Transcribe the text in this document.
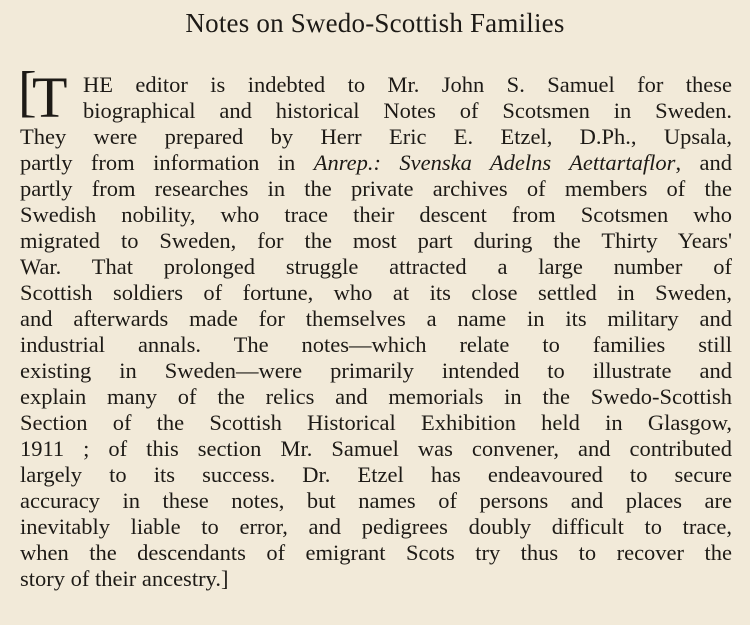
Notes on Swedo-Scottish Families
[
T HE editor is indebted to Mr. John S. Samuel for these
biographical and historical Notes of Scotsmen in Sweden.
They were prepared by Herr Eric E. Etzel, D.Ph., Upsala,
partly from information in Anrep.: Svenska Adelns Aettartaflor, and
partly from researches in the private archives of members of the
Swedish nobility, who trace their descent from Scotsmen who
migrated to Sweden, for the most part during the Thirty Years'
War. That prolonged struggle attracted a large number of
Scottish soldiers of fortune, who at its close settled in Sweden,
and afterwards made for themselves a name in its military and
industrial annals. The notes—which relate to families still
existing in Sweden—were primarily intended to illustrate and
explain many of the relics and memorials in the Swedo-Scottish
Section of the Scottish Historical Exhibition held in Glasgow,
1911 ; of this section Mr. Samuel was convener, and contributed
largely to its success. Dr. Etzel has endeavoured to secure
accuracy in these notes, but names of persons and places are
inevitably liable to error, and pedigrees doubly difficult to trace,
when the descendants of emigrant Scots try thus to recover the
story of their ancestry.]
